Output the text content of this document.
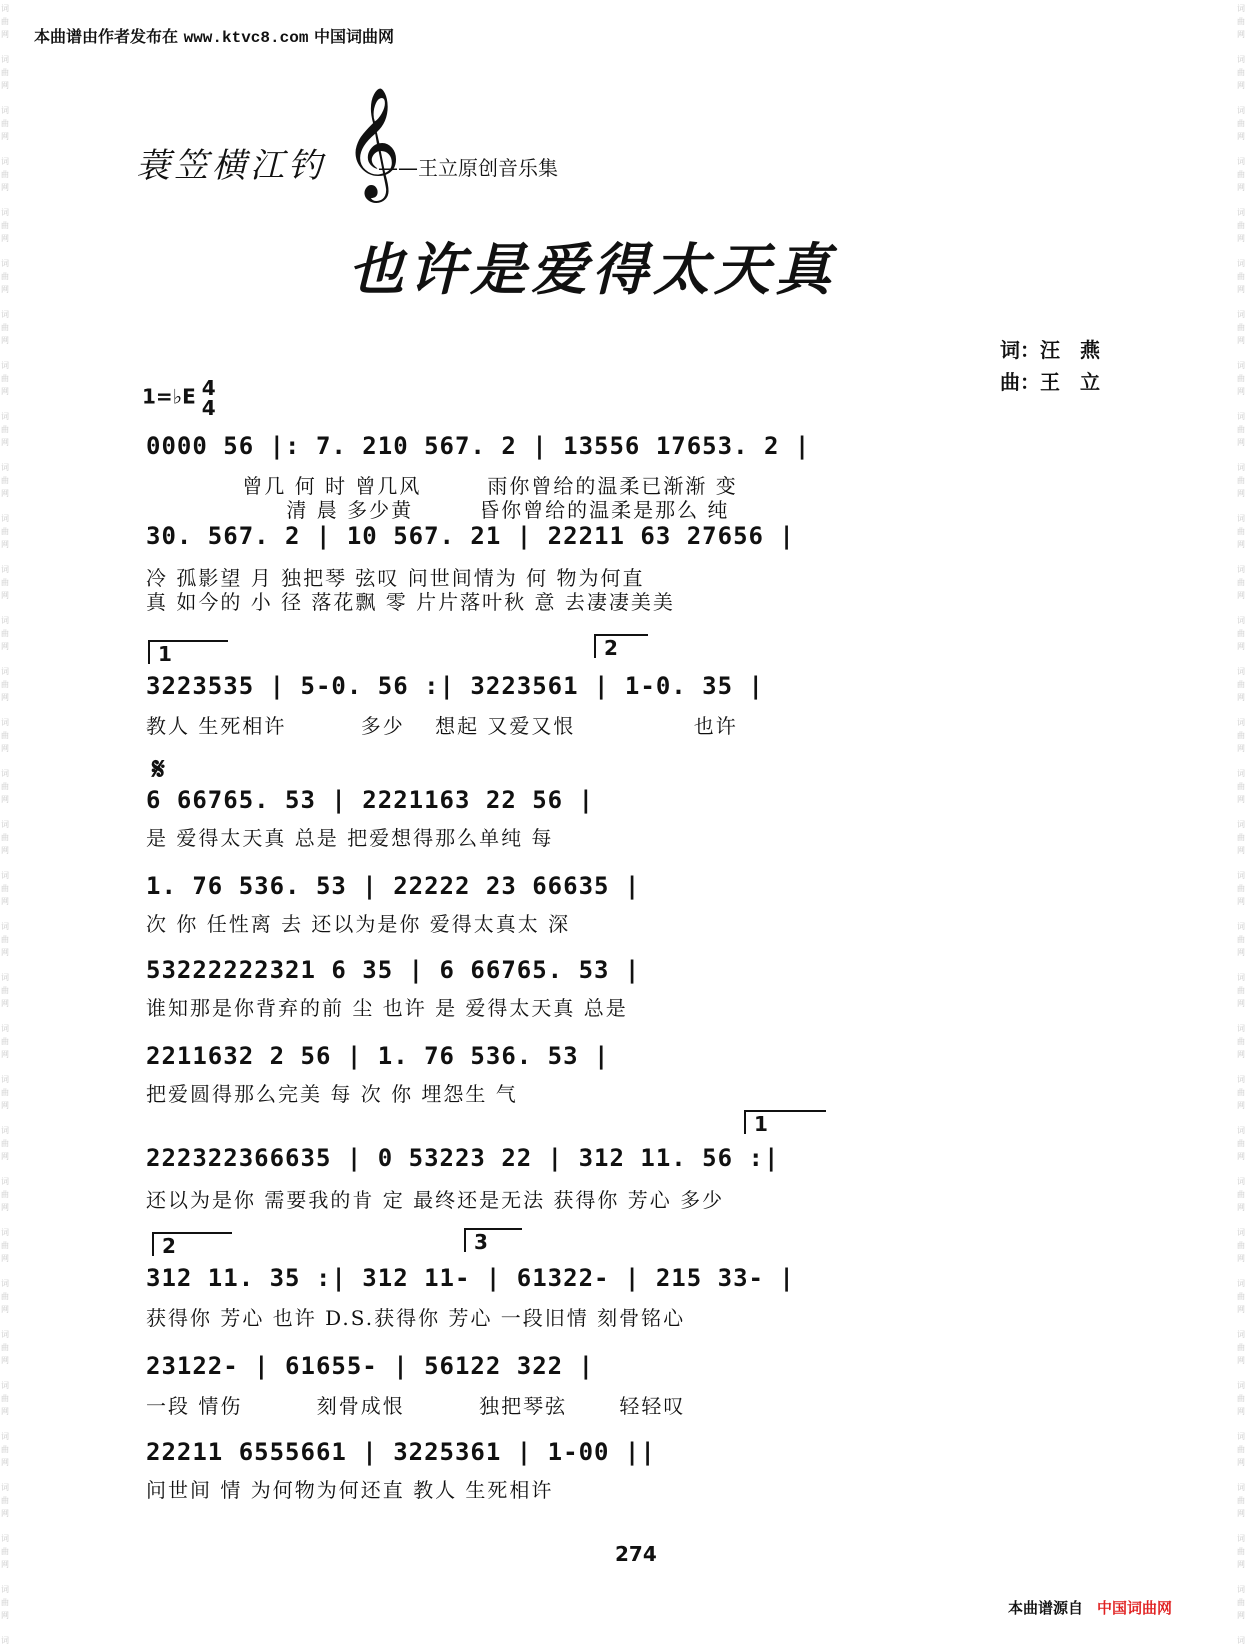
词
曲
网
词
曲
网
词
曲
网
词
曲
网
词
曲
网
词
曲
网
词
曲
网
词
曲
网
词
曲
网
词
曲
网
词
曲
网
词
曲
网
词
曲
网
词
曲
网
词
曲
网
词
曲
网
词
曲
网
词
曲
网
词
曲
网
词
曲
网
词
曲
网
词
曲
网
词
曲
网
词
曲
网
词
曲
网
词
曲
网
词
曲
网
词
曲
网
词
曲
网
词
曲
网
词
曲
网
词
曲
网
词
词
曲
网
词
曲
网
词
曲
网
词
曲
网
词
曲
网
词
曲
网
词
曲
网
词
曲
网
词
曲
网
词
曲
网
词
曲
网
词
曲
网
词
曲
网
词
曲
网
词
曲
网
词
曲
网
词
曲
网
词
曲
网
词
曲
网
词
曲
网
词
曲
网
词
曲
网
词
曲
网
词
曲
网
词
曲
网
词
曲
网
词
曲
网
词
曲
网
词
曲
网
词
曲
网
词
曲
网
词
曲
网
词
本曲谱由作者发布在 www.ktvc8.com 中国词曲网
蓑笠横江钓 𝄞
——王立原创音乐集
也许是爱得太天真
词：汪　燕
曲：王　立
1=♭E 4
4
0000 56 |: 7. 210 567. 2 | 13556 17653. 2 |
　　　　 曾几 何 时 曾几风　　　雨你曾给的温柔已渐渐 变
　　　　　　 清 晨 多少黄　　　昏你曾给的温柔是那么 纯
30. 567. 2 | 10 567. 21 | 22211 63 27656 |
冷 孤影望 月 独把琴 弦叹 问世间情为 何 物为何直
真 如今的 小 径 落花飘 零 片片落叶秋 意 去凄凄美美
1	2
3223535 | 5-0. 56 :| 3223561 | 1-0. 35 |
教人 生死相许　　　 多少　 想起 又爱又恨　　　　　 也许
𝄋
6 66765. 53 | 2221163 22 56 |
是 爱得太天真 总是 把爱想得那么单纯 每
1. 76 536. 53 | 22222 23 66635 |
次 你 任性离 去 还以为是你 爱得太真太 深
53222222321 6 35 | 6 66765. 53 |
谁知那是你背弃的前 尘 也许 是 爱得太天真 总是
2211632 2 56 | 1. 76 536. 53 |
把爱圆得那么完美 每 次 你 埋怨生 气
1
222322366635 | 0 53223 22 | 312 11. 56 :|
还以为是你 需要我的肯 定 最终还是无法 获得你 芳心 多少
2	3
312 11. 35 :| 312 11- | 61322- | 215 33- |
获得你 芳心 也许 D.S.获得你 芳心 一段旧情 刻骨铭心
23122- | 61655- | 56122 322 |
一段 情伤　　　 刻骨成恨　　　 独把琴弦　　 轻轻叹
22211 6555661 | 3225361 | 1-00 ||
问世间 情 为何物为何还直 教人 生死相许
274
本曲谱源自 中国词曲网
